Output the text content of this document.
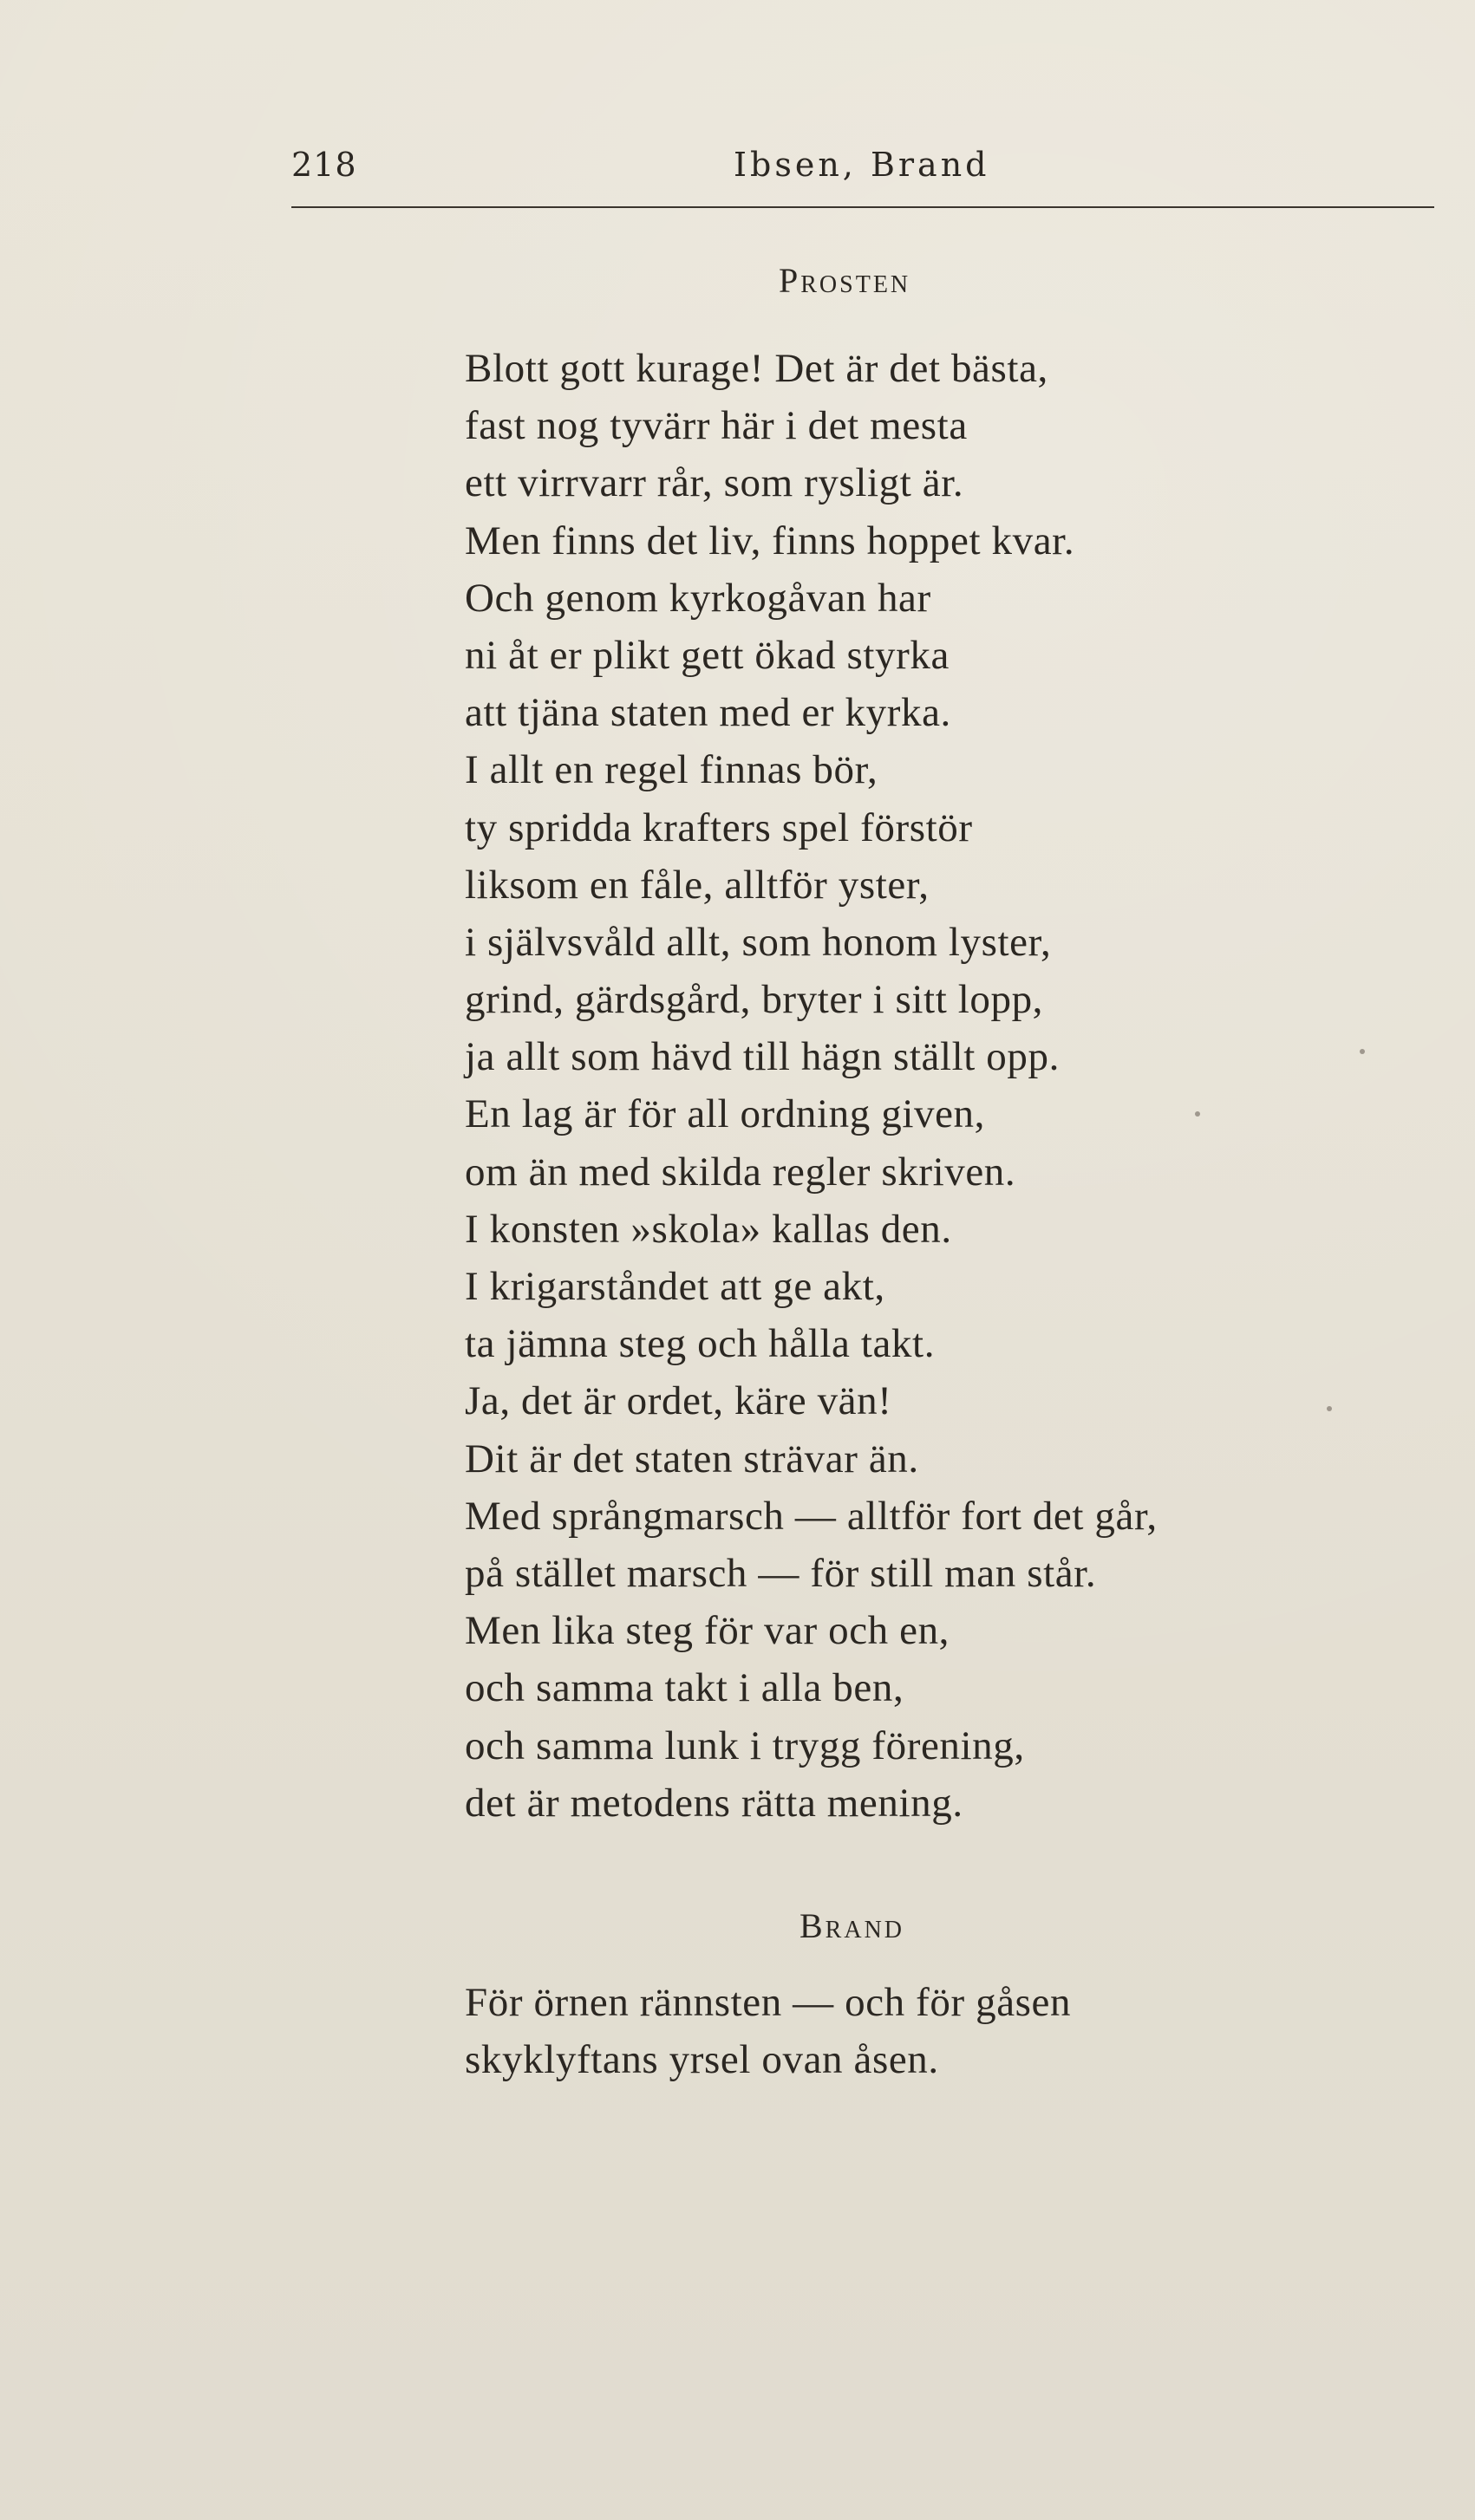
218	Ibsen, Brand
Prosten
Blott gott kurage! Det är det bästa,
fast nog tyvärr här i det mesta
ett virrvarr rår, som rysligt är.
Men finns det liv, finns hoppet kvar.
Och genom kyrkogåvan har
ni åt er plikt gett ökad styrka
att tjäna staten med er kyrka.
I allt en regel finnas bör,
ty spridda krafters spel förstör
liksom en fåle, alltför yster,
i självsvåld allt, som honom lyster,
grind, gärdsgård, bryter i sitt lopp,
ja allt som hävd till hägn ställt opp.
En lag är för all ordning given,
om än med skilda regler skriven.
I konsten »skola» kallas den.
I krigarståndet att ge akt,
ta jämna steg och hålla takt.
Ja, det är ordet, käre vän!
Dit är det staten strävar än.
Med språngmarsch — alltför fort det går,
på stället marsch — för still man står.
Men lika steg för var och en,
och samma takt i alla ben,
och samma lunk i trygg förening,
det är metodens rätta mening.
Brand
För örnen rännsten — och för gåsen
skyklyftans yrsel ovan åsen.
